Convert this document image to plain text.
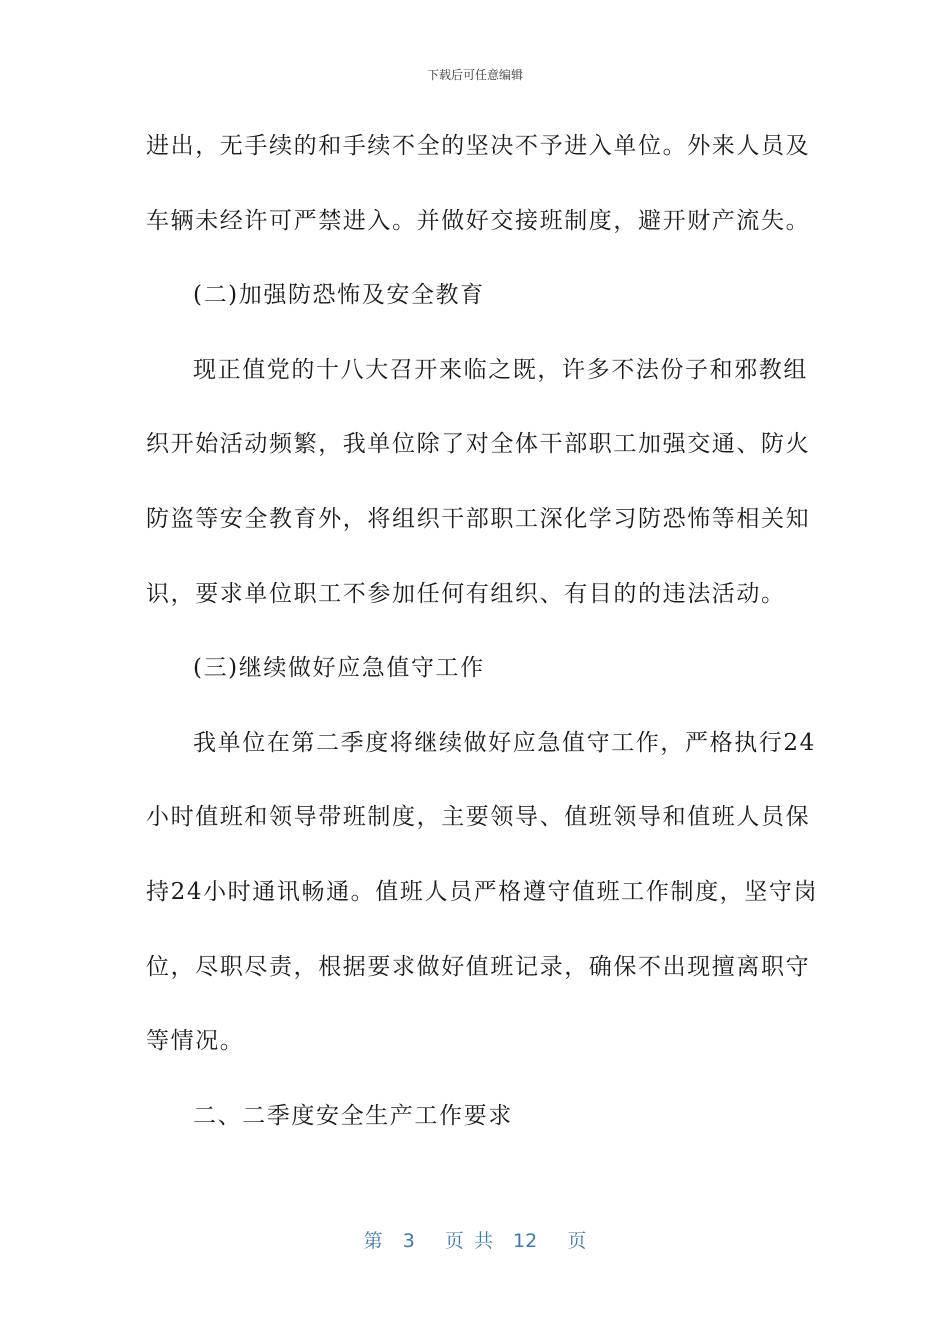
下载后可任意编辑
进出，无手续的和手续不全的坚决不予进入单位。外来人员及
车辆未经许可严禁进入。并做好交接班制度，避开财产流失。
(二)加强防恐怖及安全教育
现正值党的十八大召开来临之既，许多不法份子和邪教组
织开始活动频繁，我单位除了对全体干部职工加强交通、防火
防盗等安全教育外，将组织干部职工深化学习防恐怖等相关知
识，要求单位职工不参加任何有组织、有目的的违法活动。
(三)继续做好应急值守工作
我单位在第二季度将继续做好应急值守工作，严格执行24
小时值班和领导带班制度，主要领导、值班领导和值班人员保
持24小时通讯畅通。值班人员严格遵守值班工作制度，坚守岗
位，尽职尽责，根据要求做好值班记录，确保不出现擅离职守
等情况。
二、二季度安全生产工作要求
第  3   页 共  12   页
